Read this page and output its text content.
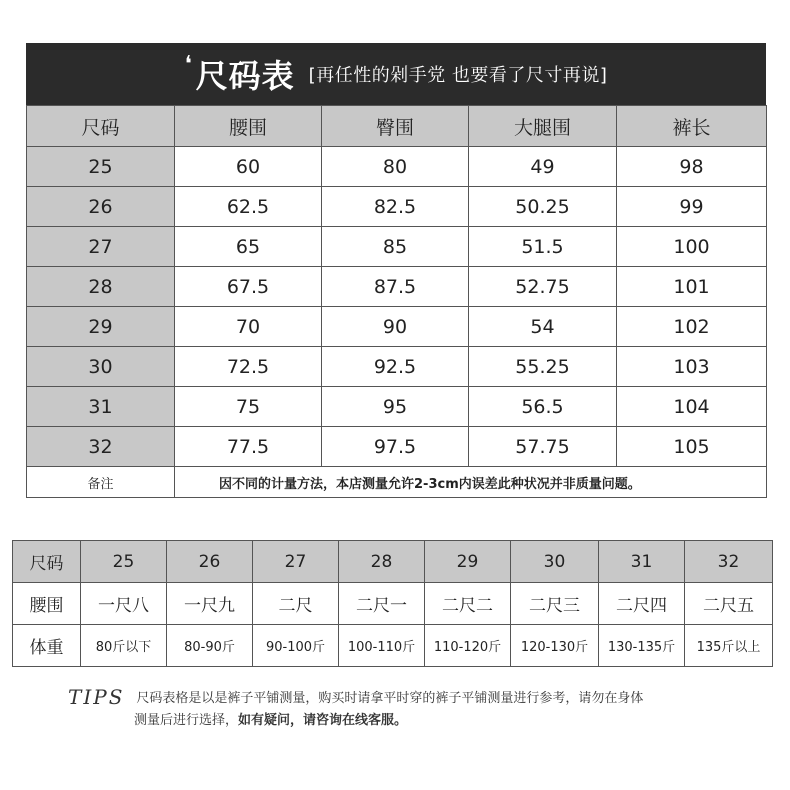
❛ 尺码表 [再任性的剁手党 也要看了尺寸再说]
尺码	腰围	臀围	大腿围	裤长
25	60	80	49	98
26	62.5	82.5	50.25	99
27	65	85	51.5	100
28	67.5	87.5	52.75	101
29	70	90	54	102
30	72.5	92.5	55.25	103
31	75	95	56.5	104
32	77.5	97.5	57.75	105
备注	因不同的计量方法，本店测量允许2-3cm内误差此种状况并非质量问题。			
尺码	25	26	27	28	29	30	31	32
腰围	一尺八	一尺九	二尺	二尺一	二尺二	二尺三	二尺四	二尺五
体重	80斤以下	80-90斤	90-100斤	100-110斤	110-120斤	120-130斤	130-135斤	135斤以上
TIPS 尺码表格是以是裤子平铺测量，购买时请拿平时穿的裤子平铺测量进行参考，请勿在身体
测量后进行选择，如有疑问，请咨询在线客服。
